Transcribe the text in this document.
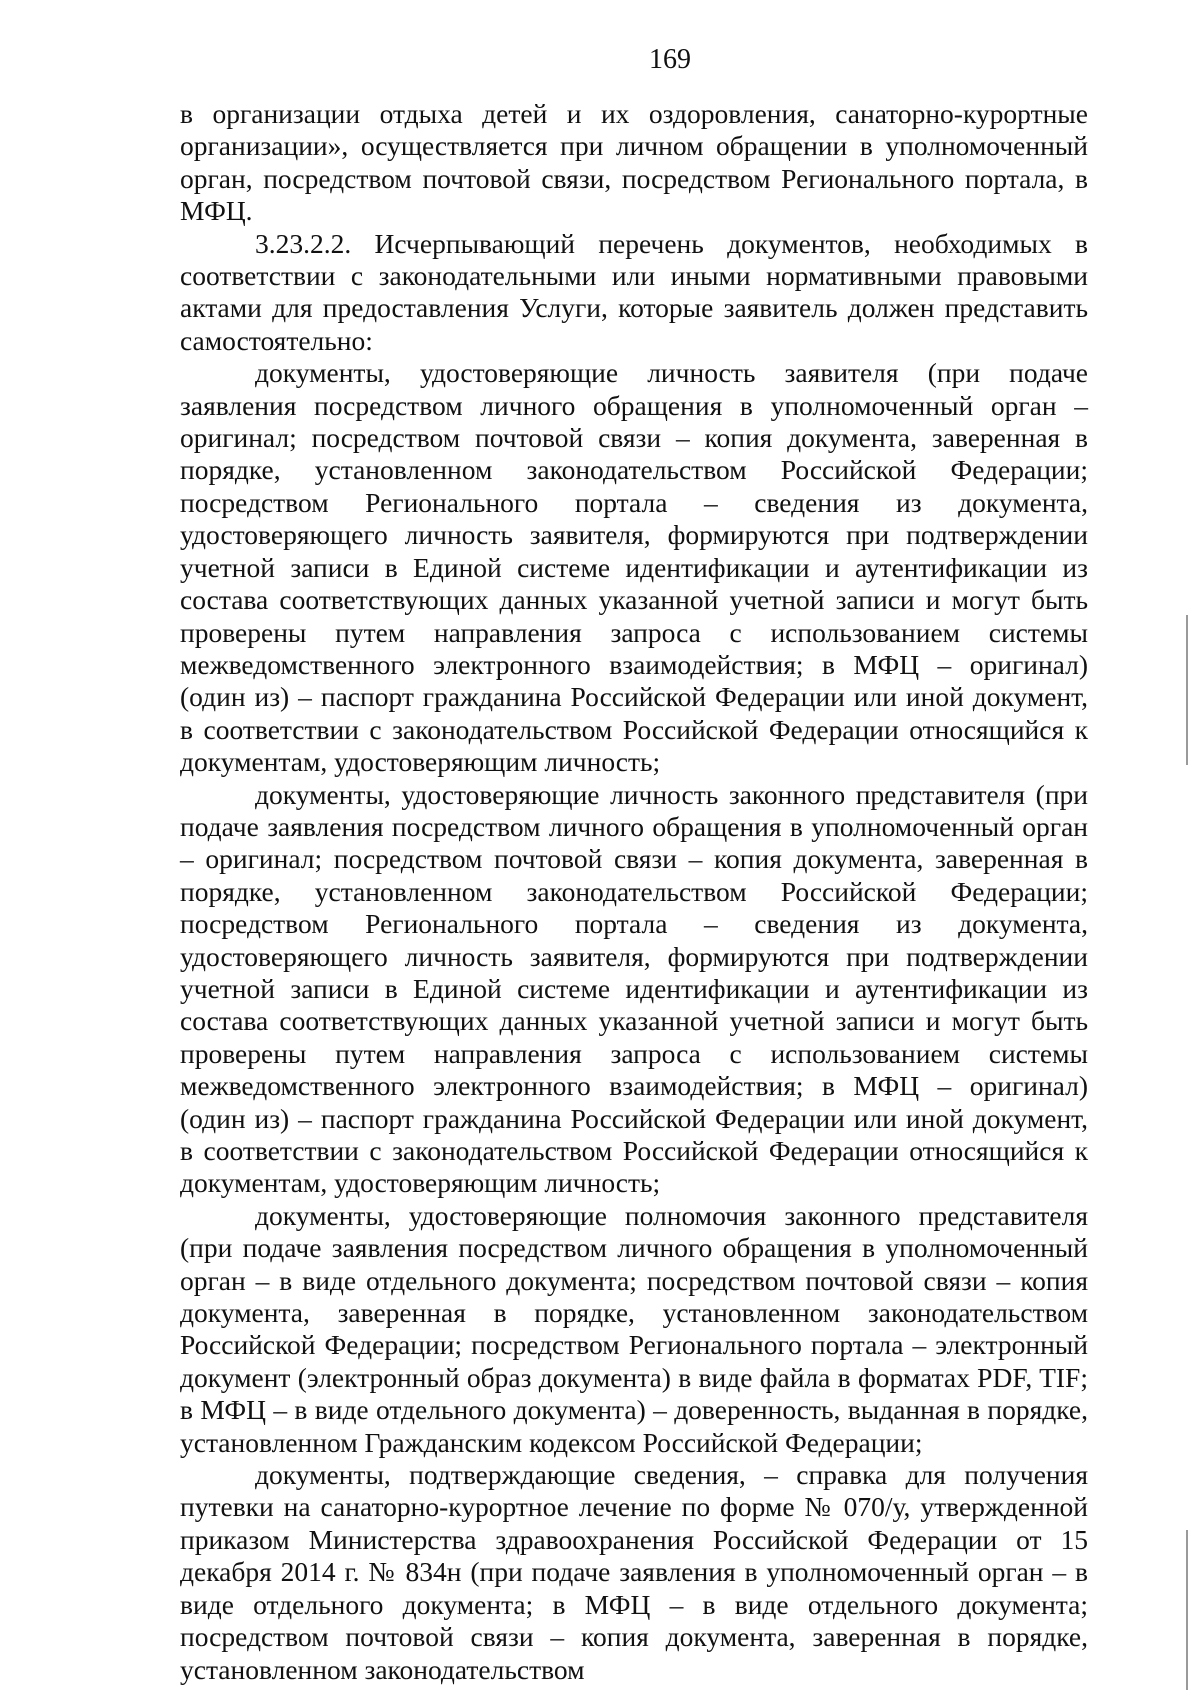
169

в организации отдыха детей и их оздоровления, санаторно-курортные организации», осуществляется при личном обращении в уполномоченный орган, посредством почтовой связи, посредством Регионального портала, в МФЦ.

3.23.2.2. Исчерпывающий перечень документов, необходимых в соответствии с законодательными или иными нормативными правовыми актами для предоставления Услуги, которые заявитель должен представить самостоятельно:

документы, удостоверяющие личность заявителя (при подаче заявления посредством личного обращения в уполномоченный орган – оригинал; посредством почтовой связи – копия документа, заверенная в порядке, установленном законодательством Российской Федерации; посредством Регионального портала – сведения из документа, удостоверяющего личность заявителя, формируются при подтверждении учетной записи в Единой системе идентификации и аутентификации из состава соответствующих данных указанной учетной записи и могут быть проверены путем направления запроса с использованием системы межведомственного электронного взаимодействия; в МФЦ – оригинал) (один из) – паспорт гражданина Российской Федерации или иной документ, в соответствии с законодательством Российской Федерации относящийся к документам, удостоверяющим личность;

документы, удостоверяющие личность законного представителя (при подаче заявления посредством личного обращения в уполномоченный орган – оригинал; посредством почтовой связи – копия документа, заверенная в порядке, установленном законодательством Российской Федерации; посредством Регионального портала – сведения из документа, удостоверяющего личность заявителя, формируются при подтверждении учетной записи в Единой системе идентификации и аутентификации из состава соответствующих данных указанной учетной записи и могут быть проверены путем направления запроса с использованием системы межведомственного электронного взаимодействия; в МФЦ – оригинал) (один из) – паспорт гражданина Российской Федерации или иной документ, в соответствии с законодательством Российской Федерации относящийся к документам, удостоверяющим личность;

документы, удостоверяющие полномочия законного представителя (при подаче заявления посредством личного обращения в уполномоченный орган – в виде отдельного документа; посредством почтовой связи – копия документа, заверенная в порядке, установленном законодательством Российской Федерации; посредством Регионального портала – электронный документ (электронный образ документа) в виде файла в форматах PDF, TIF; в МФЦ – в виде отдельного документа) – доверенность, выданная в порядке, установленном Гражданским кодексом Российской Федерации;

документы, подтверждающие сведения, – справка для получения путевки на санаторно-курортное лечение по форме № 070/у, утвержденной приказом Министерства здравоохранения Российской Федерации от 15 декабря 2014 г. № 834н (при подаче заявления в уполномоченный орган – в виде отдельного документа; в МФЦ – в виде отдельного документа; посредством почтовой связи – копия документа, заверенная в порядке, установленном законодательством
